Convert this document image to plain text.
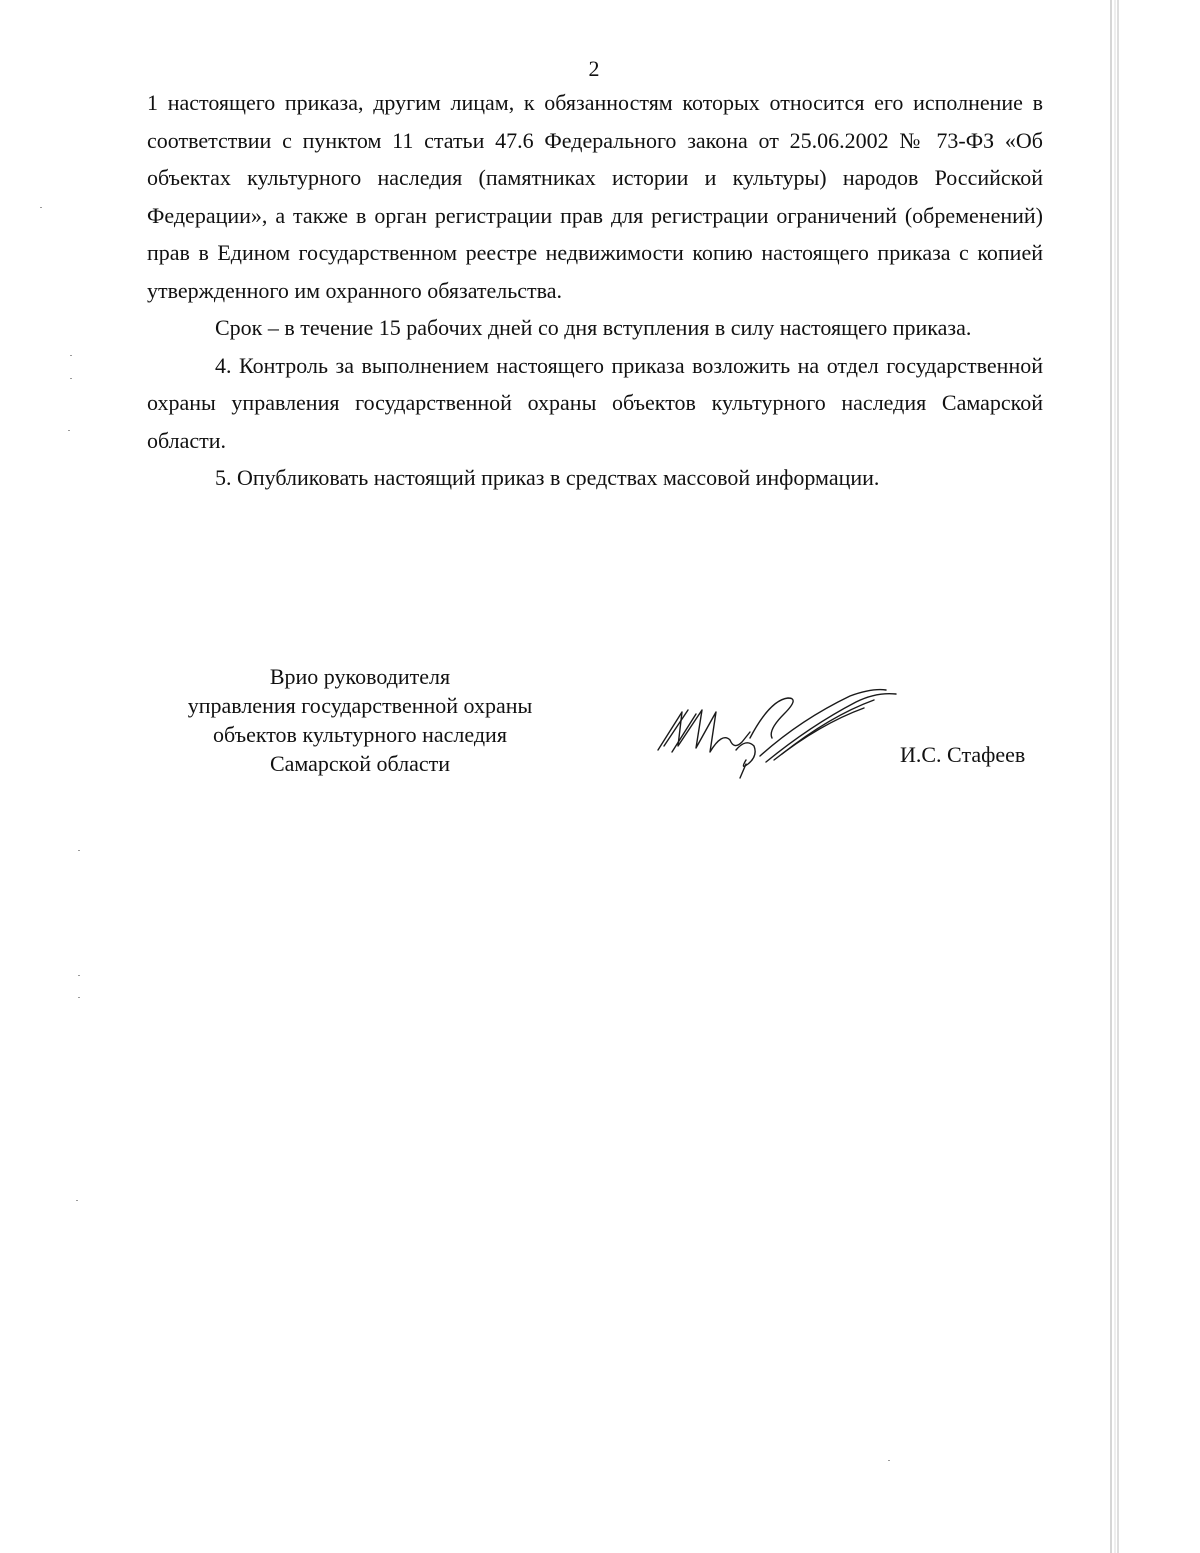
2

1 настоящего приказа, другим лицам, к обязанностям которых относится его исполнение в соответствии с пунктом 11 статьи 47.6 Федерального закона от 25.06.2002 № 73-ФЗ «Об объектах культурного наследия (памятниках истории и культуры) народов Российской Федерации», а также в орган регистрации прав для регистрации ограничений (обременений) прав в Едином государственном реестре недвижимости копию настоящего приказа с копией утвержденного им охранного обязательства.

Срок – в течение 15 рабочих дней со дня вступления в силу настоящего приказа.

4. Контроль за выполнением настоящего приказа возложить на отдел государственной охраны управления государственной охраны объектов культурного наследия Самарской области.

5. Опубликовать настоящий приказ в средствах массовой информации.

Врио руководителя
управления государственной охраны
объектов культурного наследия
Самарской области	И.С. Стафеев
